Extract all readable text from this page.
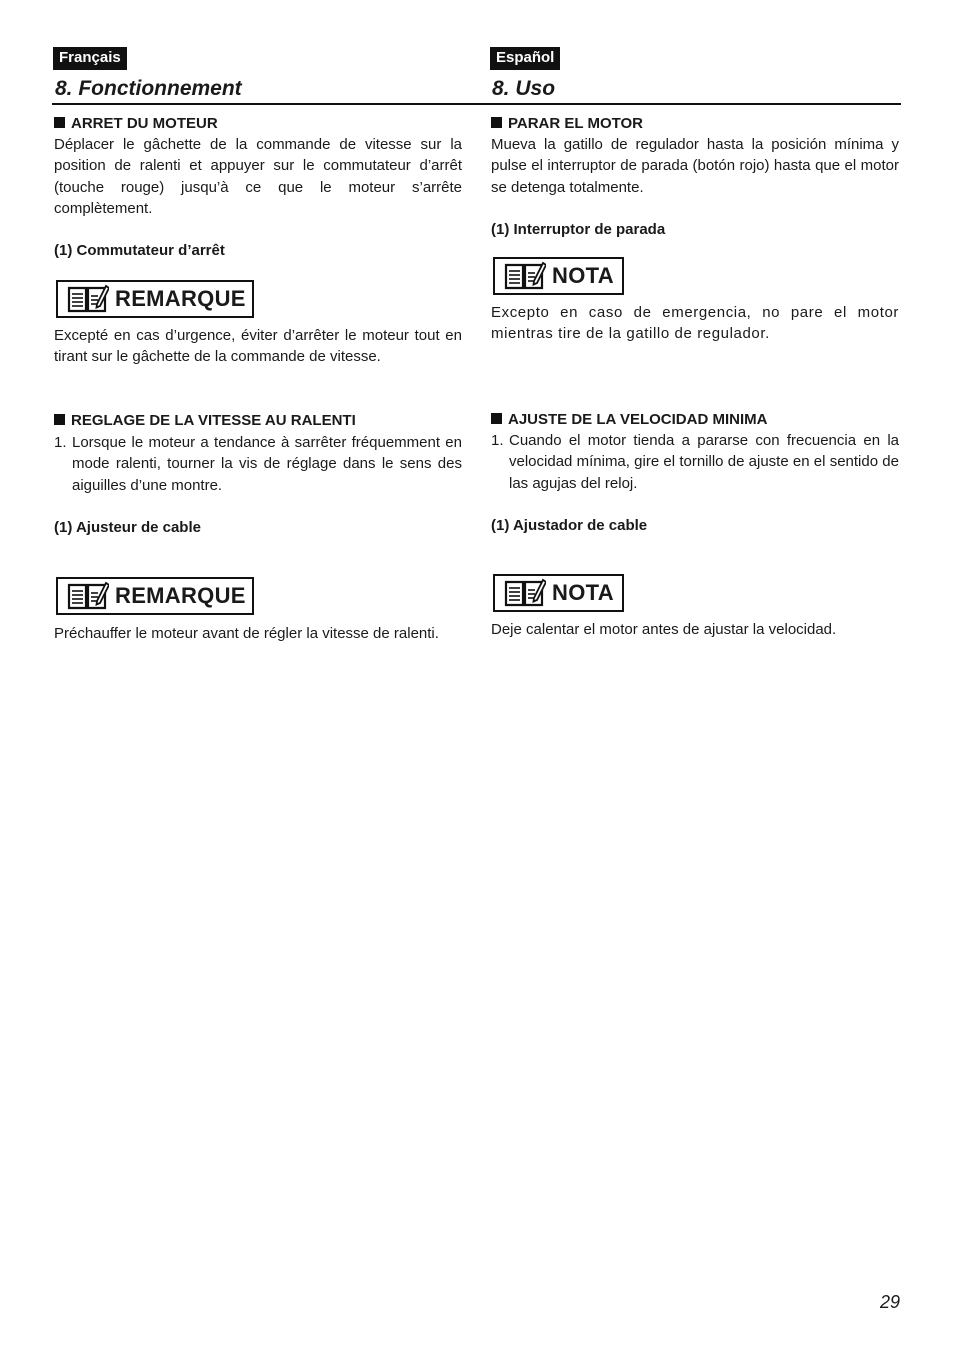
Français
8. Fonctionnement
ARRET DU MOTEUR
Déplacer le gâchette de la commande de vitesse sur la position de ralenti et appuyer sur le commutateur d’arrêt (touche rouge) jusqu’à ce que le moteur s’arrête complètement.
(1) Commutateur d’arrêt
REMARQUE
Excepté en cas d’urgence, éviter d’arrêter le moteur tout en tirant sur le gâchette de la commande de vitesse.
REGLAGE DE LA VITESSE AU RALENTI
1. Lorsque le moteur a tendance à sarrêter fréquemment en mode ralenti, tourner la vis de réglage dans le sens des aiguilles d’une montre.
(1) Ajusteur de cable
REMARQUE
Préchauffer le moteur avant de régler la vitesse de ralenti.
Español
8. Uso
PARAR EL MOTOR
Mueva la gatillo de regulador hasta la posición mínima y pulse el interruptor de parada (botón rojo) hasta que el motor se detenga totalmente.
(1) Interruptor de parada
NOTA
Excepto en caso de emergencia, no pare el motor mientras tire de la gatillo de regulador.
AJUSTE DE LA VELOCIDAD MINIMA
1. Cuando el motor tienda a pararse con frecuencia en la velocidad mínima, gire el tornillo de ajuste en el sentido de las agujas del reloj.
(1) Ajustador de cable
NOTA
Deje calentar el motor antes de ajustar la velocidad.
29
